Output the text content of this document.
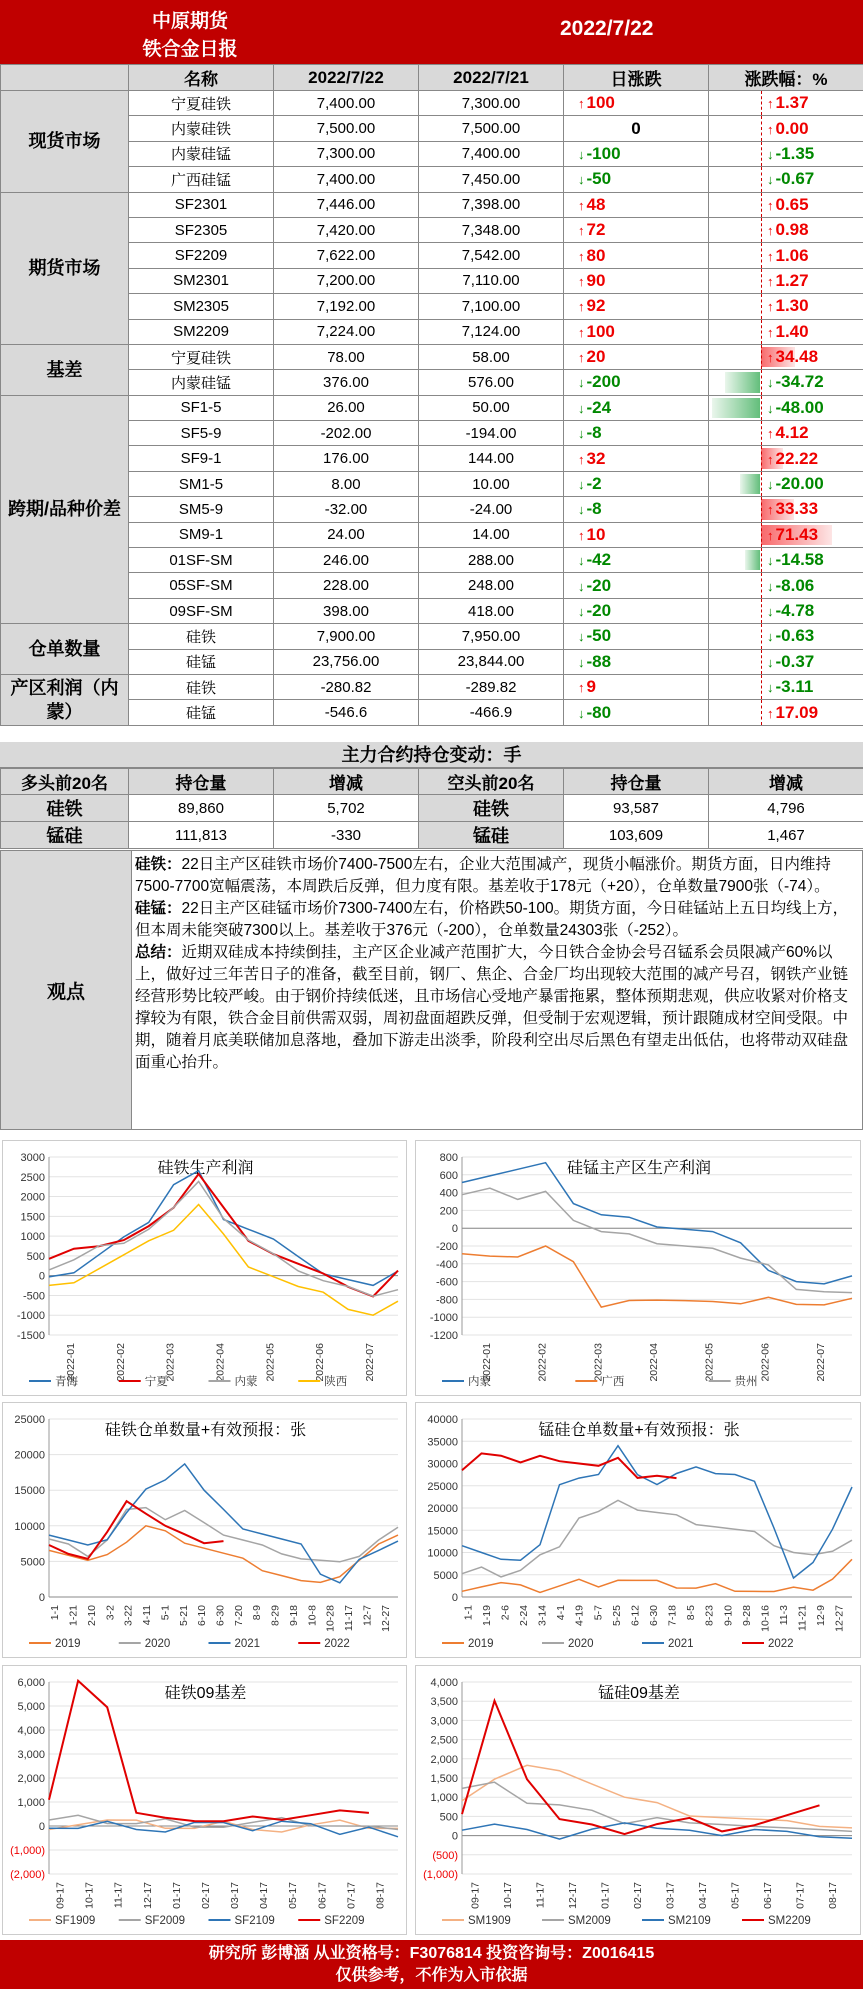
中原期货
铁合金日报
2022/7/22
	名称	2022/7/22	2022/7/21	日涨跌	涨跌幅：%
现货市场	宁夏硅铁	7,400.00	7,300.00	↑ 100	↑ 1.37
	内蒙硅铁	7,500.00	7,500.00	0	↑ 0.00
	内蒙硅锰	7,300.00	7,400.00	↓ -100	↓ -1.35
	广西硅锰	7,400.00	7,450.00	↓ -50	↓ -0.67
期货市场	SF2301	7,446.00	7,398.00	↑ 48	↑ 0.65
	SF2305	7,420.00	7,348.00	↑ 72	↑ 0.98
	SF2209	7,622.00	7,542.00	↑ 80	↑ 1.06
	SM2301	7,200.00	7,110.00	↑ 90	↑ 1.27
	SM2305	7,192.00	7,100.00	↑ 92	↑ 1.30
	SM2209	7,224.00	7,124.00	↑ 100	↑ 1.40
基差	宁夏硅铁	78.00	58.00	↑ 20	↑ 34.48
	内蒙硅锰	376.00	576.00	↓ -200	↓ -34.72
跨期/品种价差	SF1-5	26.00	50.00	↓ -24	↓ -48.00
	SF5-9	-202.00	-194.00	↓ -8	↑ 4.12
	SF9-1	176.00	144.00	↑ 32	↑ 22.22
	SM1-5	8.00	10.00	↓ -2	↓ -20.00
	SM5-9	-32.00	-24.00	↓ -8	↑ 33.33
	SM9-1	24.00	14.00	↑ 10	↑ 71.43
	01SF-SM	246.00	288.00	↓ -42	↓ -14.58
	05SF-SM	228.00	248.00	↓ -20	↓ -8.06
	09SF-SM	398.00	418.00	↓ -20	↓ -4.78
仓单数量	硅铁	7,900.00	7,950.00	↓ -50	↓ -0.63
	硅锰	23,756.00	23,844.00	↓ -88	↓ -0.37
产区利润（内蒙）	硅铁	-280.82	-289.82	↑ 9	↓ -3.11
	硅锰	-546.6	-466.9	↓ -80	↑ 17.09
主力合约持仓变动：手
多头前20名	持仓量	增减	空头前20名	持仓量	增减
硅铁	89,860	5,702	硅铁	93,587	4,796
锰硅	111,813	-330	锰硅	103,609	1,467
观点

硅铁：22日主产区硅铁市场价7400-7500左右，企业大范围减产，现货小幅涨价。期货方面，日内维持7500-7700宽幅震荡，本周跌后反弹，但力度有限。基差收于178元（+20），仓单数量7900张（-74）。

硅锰：22日主产区硅锰市场价7300-7400左右，价格跌50-100。期货方面，今日硅锰站上五日均线上方，但本周未能突破7300以上。基差收于376元（-200），仓单数量24303张（-252）。

总结：近期双硅成本持续倒挂，主产区企业减产范围扩大，今日铁合金协会号召锰系会员限减产60%以上，做好过三年苦日子的准备，截至目前，钢厂、焦企、合金厂均出现较大范围的减产号召，钢铁产业链经营形势比较严峻。由于钢价持续低迷，且市场信心受地产暴雷拖累，整体预期悲观，供应收紧对价格支撑较为有限，铁合金目前供需双弱，周初盘面超跌反弹，但受制于宏观逻辑，预计跟随成材空间受限。中期，随着月底美联储加息落地，叠加下游走出淡季，阶段利空出尽后黑色有望走出低估，也将带动双硅盘面重心抬升。

硅铁生产利润
3000
2500
2000
1500
1000
500
0
-500
-1000
-1500
2022-01	2022-02	2022-03	2022-04	2022-05	2022-06	2022-07
青海	宁夏	内蒙	陕西
硅锰主产区生产利润
800
600
400
200
0
-200
-400
-600
-800
-1000
-1200
2022-01	2022-02	2022-03	2022-04	2022-05	2022-06	2022-07
内蒙	广西	贵州
硅铁仓单数量+有效预报：张
25000
20000
15000
10000
5000
0
1-1 1-21 2-10 3-2 3-22 4-11 5-1 5-21 6-10 6-30 7-20 8-9 8-29 9-18 10-8 10-28 11-17 12-7 12-27
2019	2020	2021	2022
锰硅仓单数量+有效预报：张
40000
35000
30000
25000
20000
15000
10000
5000
0
1-1 1-19 2-6 2-24 3-14 4-1 4-19 5-7 5-25 6-12 6-30 7-18 8-5 8-23 9-10 9-28 10-16 11-3 11-21 12-9 12-27
2019	2020	2021	2022
硅铁09基差
6,000
5,000
4,000
3,000
2,000
1,000
0
(1,000)
(2,000)
09-17 10-17 11-17 12-17 01-17 02-17 03-17 04-17 05-17 06-17 07-17 08-17
SF1909	SF2009	SF2109	SF2209
锰硅09基差
4,000
3,500
3,000
2,500
2,000
1,500
1,000
500
0
(500)
(1,000)
09-17 10-17 11-17 12-17 01-17 02-17 03-17 04-17 05-17 06-17 07-17 08-17
SM1909	SM2009	SM2109	SM2209
研究所 彭博涵 从业资格号：F3076814 投资咨询号：Z0016415
仅供参考，不作为入市依据
